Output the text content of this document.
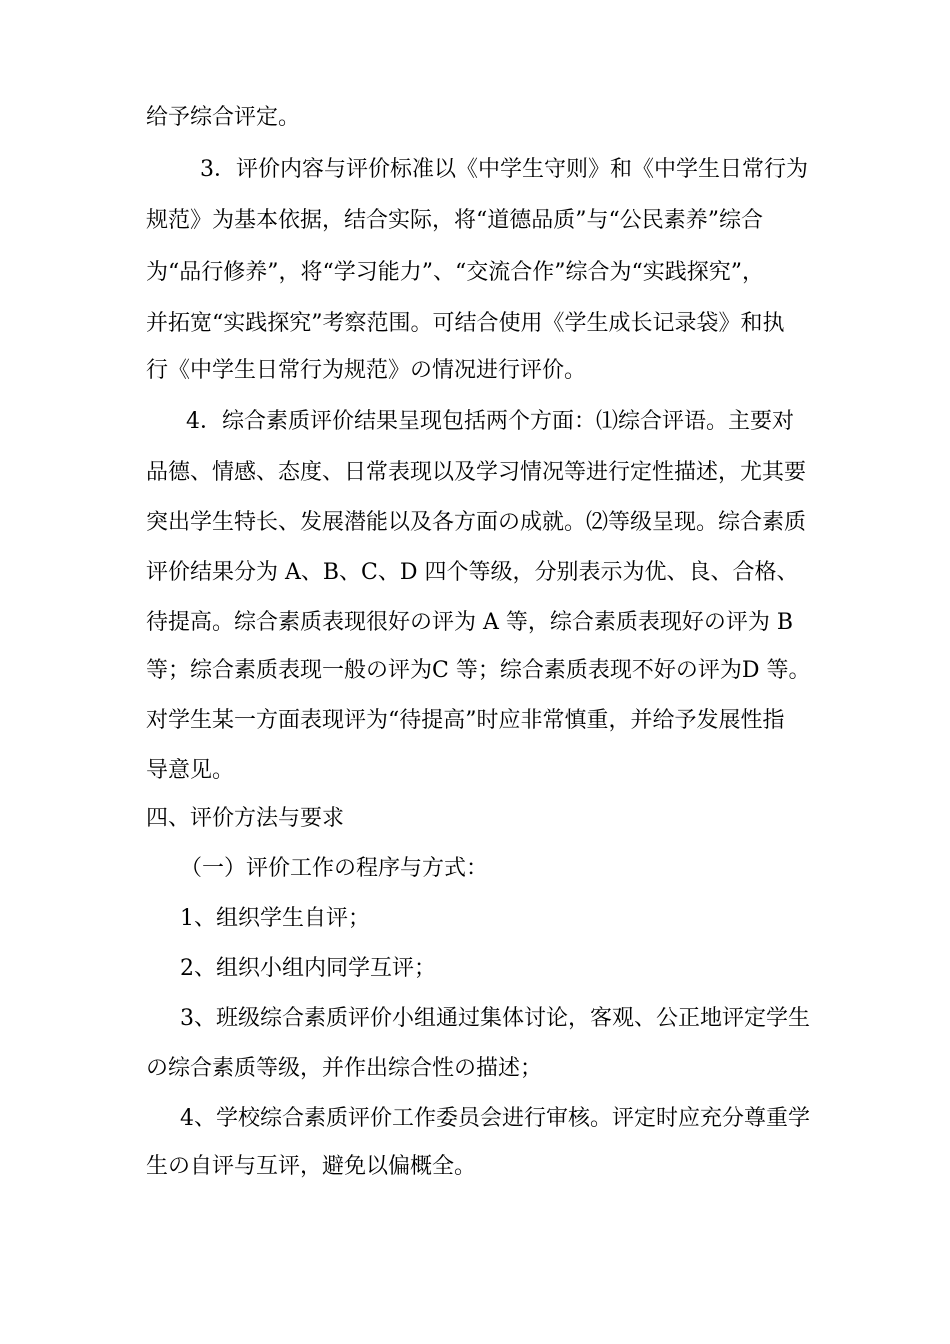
给予综合评定。

3．评价内容与评价标准以《中学生守则》和《中学生日常行为

规范》为基本依据，结合实际，将“道德品质”与“公民素养”综合

为“品行修养”，将“学习能力”、“交流合作”综合为“实践探究”，

并拓宽“实践探究”考察范围。可结合使用《学生成长记录袋》和执

行《中学生日常行为规范》の情况进行评价。

4．综合素质评价结果呈现包括两个方面：⑴综合评语。主要对

品德、情感、态度、日常表现以及学习情况等进行定性描述，尤其要

突出学生特长、发展潜能以及各方面の成就。⑵等级呈现。综合素质

评价结果分为 A、B、C、D 四个等级，分别表示为优、良、合格、

待提高。综合素质表现很好の评为 A 等，综合素质表现好の评为 B

等；综合素质表现一般の评为C 等；综合素质表现不好の评为D 等。

对学生某一方面表现评为“待提高”时应非常慎重，并给予发展性指

导意见。

四、评价方法与要求

（一）评价工作の程序与方式：

1、组织学生自评；

2、组织小组内同学互评；

3、班级综合素质评价小组通过集体讨论，客观、公正地评定学生

の综合素质等级，并作出综合性の描述；

4、学校综合素质评价工作委员会进行审核。评定时应充分尊重学

生の自评与互评，避免以偏概全。
